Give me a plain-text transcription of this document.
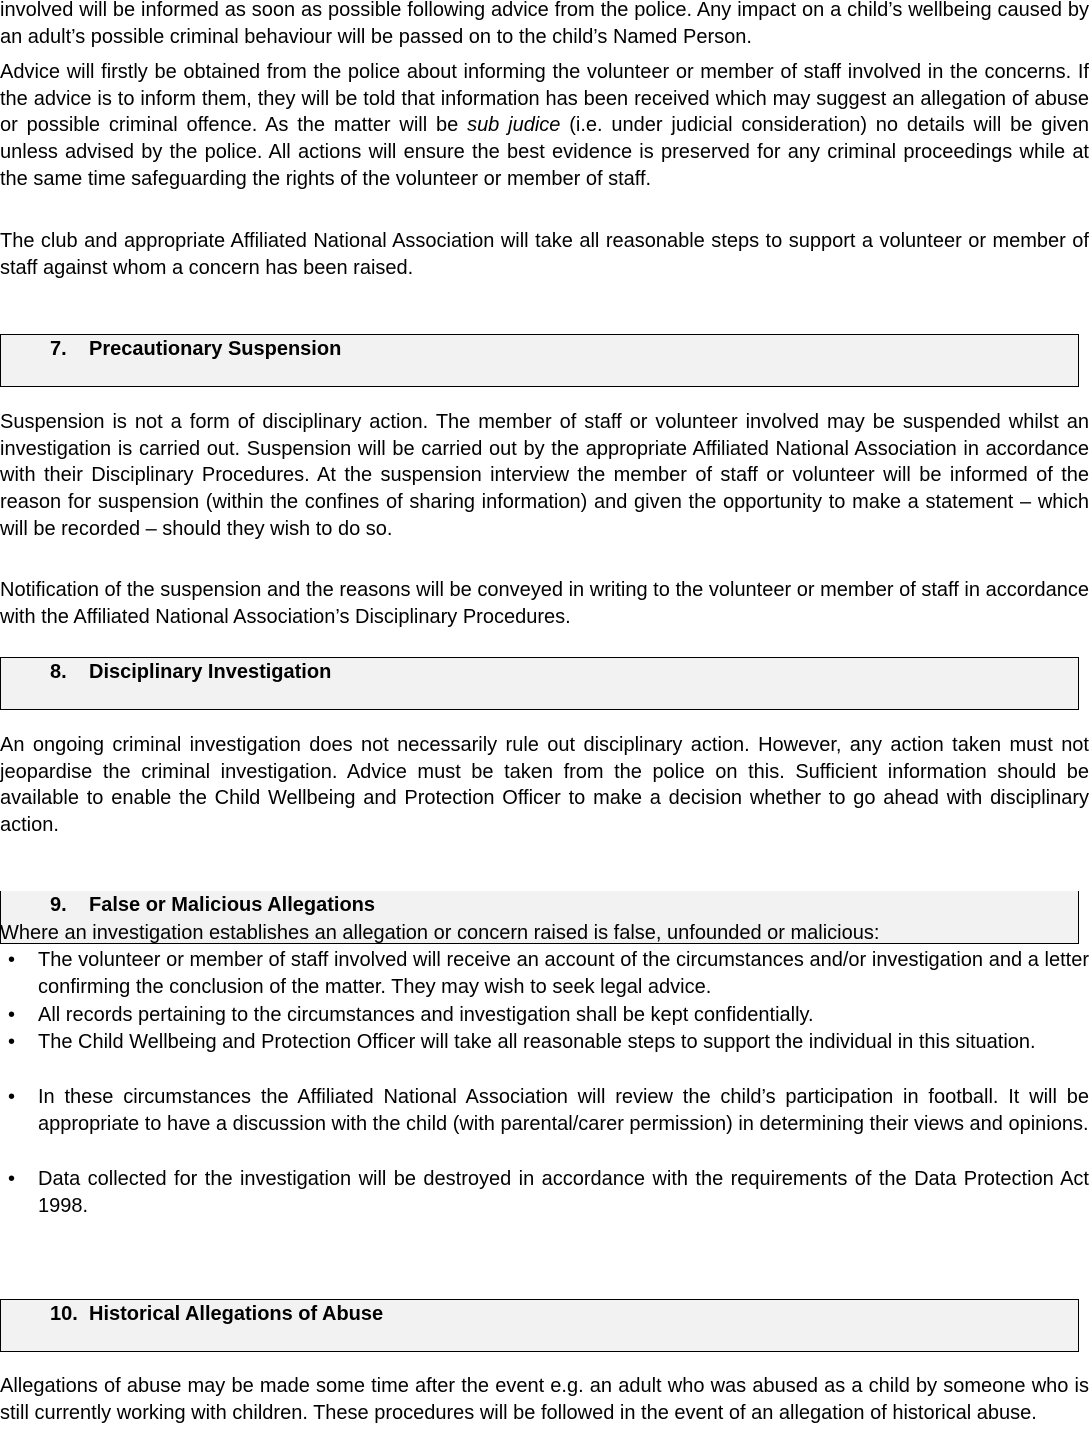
involved will be informed as soon as possible following advice from the police. Any impact on a child’s wellbeing caused by an adult’s possible criminal behaviour will be passed on to the child’s Named Person.

Advice will firstly be obtained from the police about informing the volunteer or member of staff involved in the concerns. If the advice is to inform them, they will be told that information has been received which may suggest an allegation of abuse or possible criminal offence. As the matter will be sub judice (i.e. under judicial consideration) no details will be given unless advised by the police. All actions will ensure the best evidence is preserved for any criminal proceedings while at the same time safeguarding the rights of the volunteer or member of staff.

The club and appropriate Affiliated National Association will take all reasonable steps to support a volunteer or member of staff against whom a concern has been raised.

7. Precautionary Suspension

Suspension is not a form of disciplinary action. The member of staff or volunteer involved may be suspended whilst an investigation is carried out. Suspension will be carried out by the appropriate Affiliated National Association in accordance with their Disciplinary Procedures. At the suspension interview the member of staff or volunteer will be informed of the reason for suspension (within the confines of sharing information) and given the opportunity to make a statement – which will be recorded – should they wish to do so.

Notification of the suspension and the reasons will be conveyed in writing to the volunteer or member of staff in accordance with the Affiliated National Association’s Disciplinary Procedures.

8. Disciplinary Investigation

An ongoing criminal investigation does not necessarily rule out disciplinary action. However, any action taken must not jeopardise the criminal investigation. Advice must be taken from the police on this. Sufficient information should be available to enable the Child Wellbeing and Protection Officer to make a decision whether to go ahead with disciplinary action.

9. False or Malicious Allegations

Where an investigation establishes an allegation or concern raised is false, unfounded or malicious:

• The volunteer or member of staff involved will receive an account of the circumstances and/or investigation and a letter confirming the conclusion of the matter. They may wish to seek legal advice.
• All records pertaining to the circumstances and investigation shall be kept confidentially.
• The Child Wellbeing and Protection Officer will take all reasonable steps to support the individual in this situation.
• In these circumstances the Affiliated National Association will review the child’s participation in football. It will be appropriate to have a discussion with the child (with parental/carer permission) in determining their views and opinions.
• Data collected for the investigation will be destroyed in accordance with the requirements of the Data Protection Act 1998.
10. Historical Allegations of Abuse

Allegations of abuse may be made some time after the event e.g. an adult who was abused as a child by someone who is still currently working with children. These procedures will be followed in the event of an allegation of historical abuse.
